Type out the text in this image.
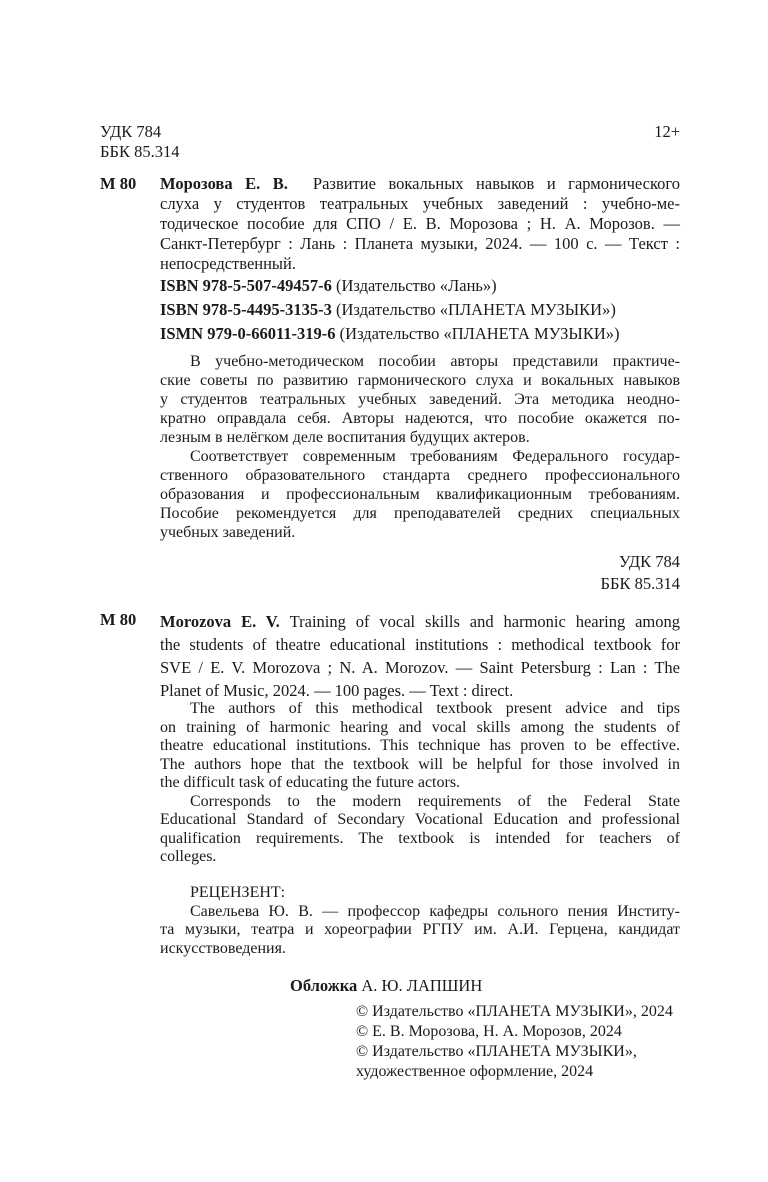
УДК 784
ББК 85.314
12+
М 80 Морозова Е. В. Развитие вокальных навыков и гармонического
слуха у студентов театральных учебных заведений : учебно-ме-
тодическое пособие для СПО / Е. В. Морозова ; Н. А. Морозов. —
Санкт-Петербург : Лань : Планета музыки, 2024. — 100 с. — Текст :
непосредственный.
ISBN 978-5-507-49457-6 (Издательство «Лань»)
ISBN 978-5-4495-3135-3 (Издательство «ПЛАНЕТА МУЗЫКИ»)
ISMN 979-0-66011-319-6 (Издательство «ПЛАНЕТА МУЗЫКИ»)
В учебно-методическом пособии авторы представили практиче-
ские советы по развитию гармонического слуха и вокальных навыков
у студентов театральных учебных заведений. Эта методика неодно-
кратно оправдала себя. Авторы надеются, что пособие окажется по-
лезным в нелёгком деле воспитания будущих актеров.
Соответствует современным требованиям Федерального государ-
ственного образовательного стандарта среднего профессионального
образования и профессиональным квалификационным требованиям.
Пособие рекомендуется для преподавателей средних специальных
учебных заведений.
УДК 784
ББК 85.314
М 80 Morozova E. V. Training of vocal skills and harmonic hearing among
the students of theatre educational institutions : methodical textbook for
SVE / E. V. Morozova ; N. A. Morozov. — Saint Petersburg : Lan : The
Planet of Music, 2024. — 100 pages. — Text : direct.
The authors of this methodical textbook present advice and tips
on training of harmonic hearing and vocal skills among the students of
theatre educational institutions. This technique has proven to be effective.
The authors hope that the textbook will be helpful for those involved in
the difficult task of educating the future actors.
Corresponds to the modern requirements of the Federal State
Educational Standard of Secondary Vocational Education and professional
qualification requirements. The textbook is intended for teachers of
colleges.
РЕЦЕНЗЕНТ:
Савельева Ю. В. — профессор кафедры сольного пения Институ-
та музыки, театра и хореографии РГПУ им. А.И. Герцена, кандидат
искусствоведения.
Обложка А. Ю. ЛАПШИН
© Издательство «ПЛАНЕТА МУЗЫКИ», 2024
© Е. В. Морозова, Н. А. Морозов, 2024
© Издательство «ПЛАНЕТА МУЗЫКИ»,
художественное оформление, 2024
